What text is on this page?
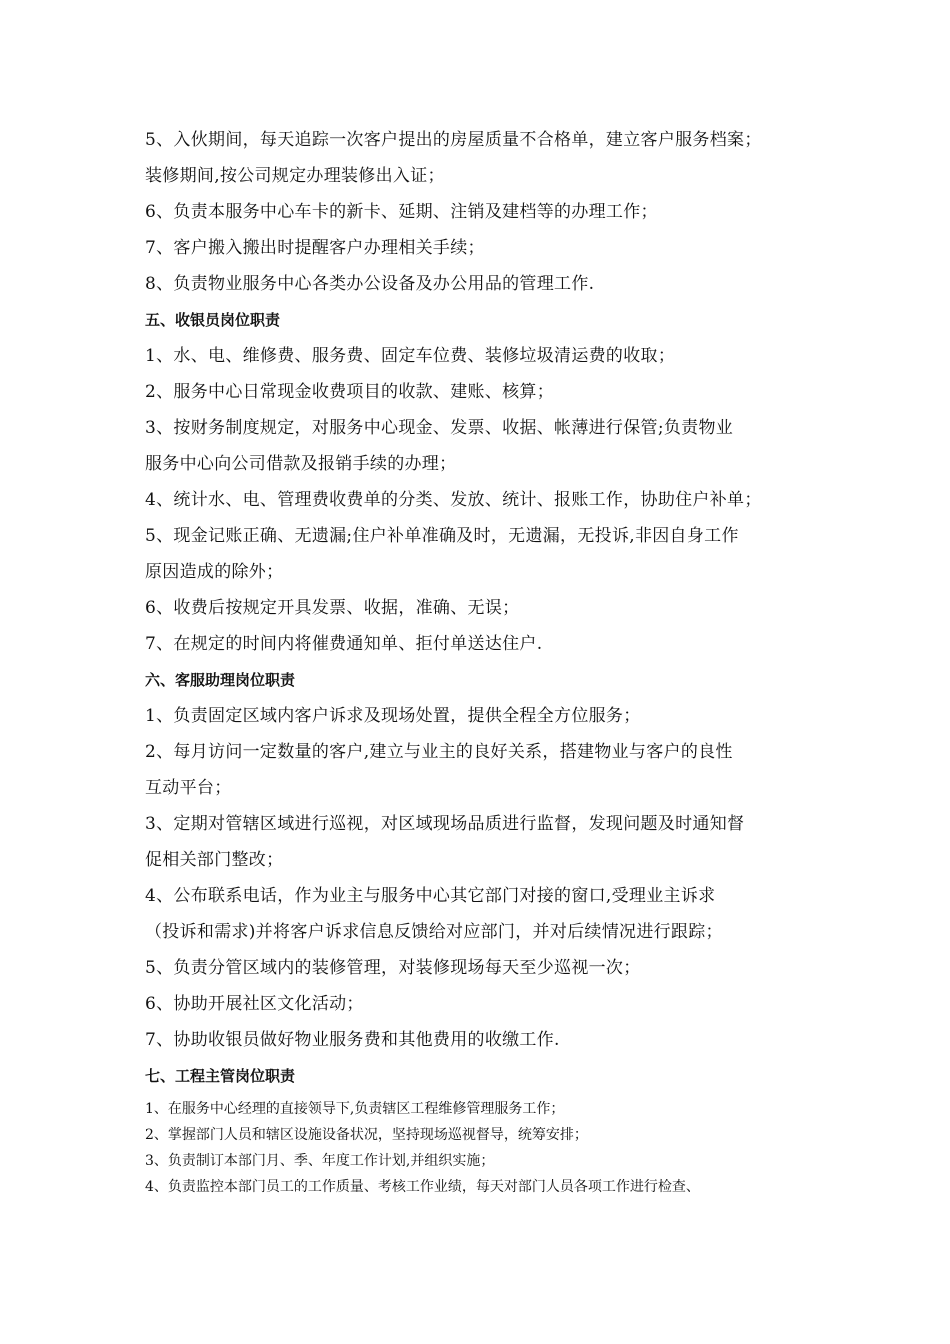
5、入伙期间，每天追踪一次客户提出的房屋质量不合格单，建立客户服务档案；
装修期间,按公司规定办理装修出入证；
6、负责本服务中心车卡的新卡、延期、注销及建档等的办理工作；
7、客户搬入搬出时提醒客户办理相关手续；
8、负责物业服务中心各类办公设备及办公用品的管理工作.
五、收银员岗位职责
1、水、电、维修费、服务费、固定车位费、装修垃圾清运费的收取；
2、服务中心日常现金收费项目的收款、建账、核算；
3、按财务制度规定，对服务中心现金、发票、收据、帐薄进行保管;负责物业
服务中心向公司借款及报销手续的办理；
4、统计水、电、管理费收费单的分类、发放、统计、报账工作，协助住户补单；
5、现金记账正确、无遗漏;住户补单准确及时，无遗漏，无投诉,非因自身工作
原因造成的除外；
6、收费后按规定开具发票、收据，准确、无误；
7、在规定的时间内将催费通知单、拒付单送达住户.
六、客服助理岗位职责
1、负责固定区域内客户诉求及现场处置，提供全程全方位服务；
2、每月访问一定数量的客户,建立与业主的良好关系，搭建物业与客户的良性
互动平台；
3、定期对管辖区域进行巡视，对区域现场品质进行监督，发现问题及时通知督
促相关部门整改；
4、公布联系电话，作为业主与服务中心其它部门对接的窗口,受理业主诉求
（投诉和需求)并将客户诉求信息反馈给对应部门，并对后续情况进行跟踪；
5、负责分管区域内的装修管理，对装修现场每天至少巡视一次；
6、协助开展社区文化活动；
7、协助收银员做好物业服务费和其他费用的收缴工作.
七、工程主管岗位职责
1、在服务中心经理的直接领导下,负责辖区工程维修管理服务工作；
2、掌握部门人员和辖区设施设备状况，坚持现场巡视督导，统筹安排；
3、负责制订本部门月、季、年度工作计划,并组织实施；
4、负责监控本部门员工的工作质量、考核工作业绩，每天对部门人员各项工作进行检查、
